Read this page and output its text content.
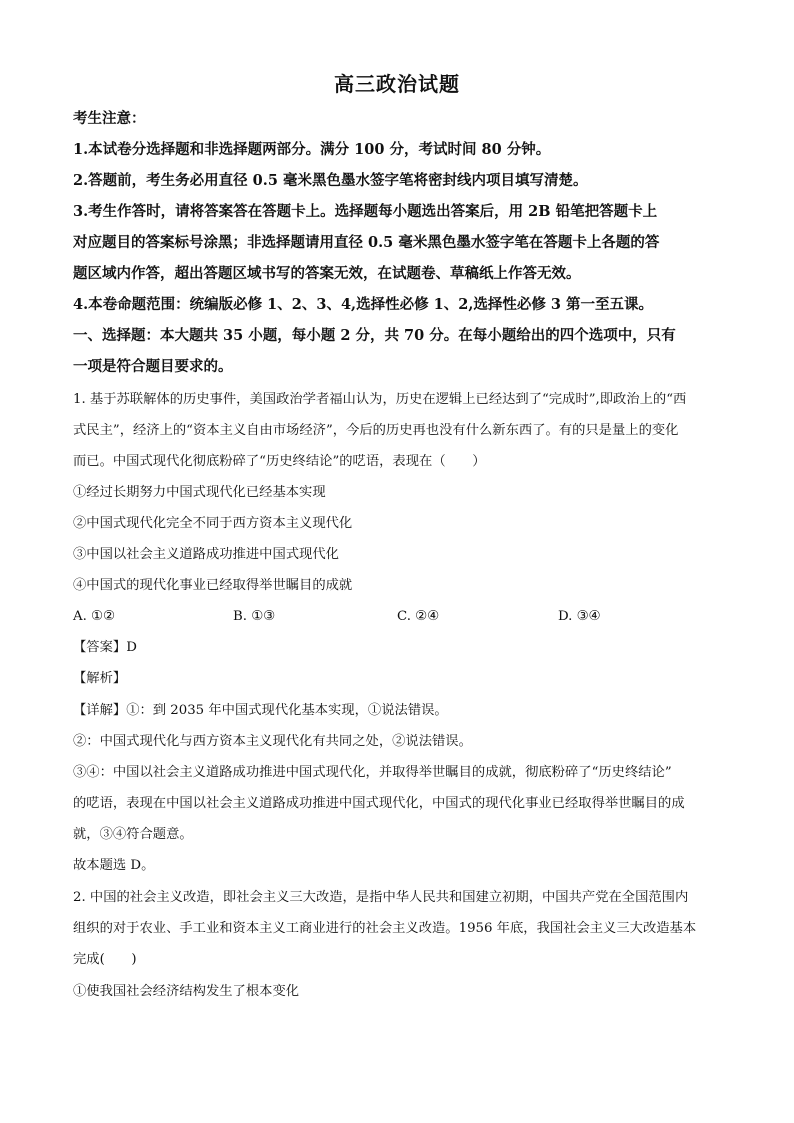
高三政治试题
考生注意：
1.本试卷分选择题和非选择题两部分。满分 100 分，考试时间 80 分钟。
2.答题前，考生务必用直径 0.5 毫米黑色墨水签字笔将密封线内项目填写清楚。
3.考生作答时，请将答案答在答题卡上。选择题每小题选出答案后，用 2B 铅笔把答题卡上
对应题目的答案标号涂黑；非选择题请用直径 0.5 毫米黑色墨水签字笔在答题卡上各题的答
题区域内作答，超出答题区域书写的答案无效，在试题卷、草稿纸上作答无效。
4.本卷命题范围：统编版必修 1、2、3、4,选择性必修 1、2,选择性必修 3 第一至五课。
一、选择题：本大题共 35 小题，每小题 2 分，共 70 分。在每小题给出的四个选项中，只有
一项是符合题目要求的。
1. 基于苏联解体的历史事件，美国政治学者福山认为，历史在逻辑上已经达到了“完成时”,即政治上的“西
式民主”，经济上的“资本主义自由市场经济”，今后的历史再也没有什么新东西了。有的只是量上的变化
而已。中国式现代化彻底粉碎了“历史终结论”的呓语，表现在（　　）
①经过长期努力中国式现代化已经基本实现
②中国式现代化完全不同于西方资本主义现代化
③中国以社会主义道路成功推进中国式现代化
④中国式的现代化事业已经取得举世瞩目的成就
A. ①②	B. ①③	C. ②④	D. ③④
【答案】D
【解析】
【详解】①：到 2035 年中国式现代化基本实现，①说法错误。
②：中国式现代化与西方资本主义现代化有共同之处，②说法错误。
③④：中国以社会主义道路成功推进中国式现代化，并取得举世瞩目的成就，彻底粉碎了“历史终结论”
的呓语，表现在中国以社会主义道路成功推进中国式现代化，中国式的现代化事业已经取得举世瞩目的成
就，③④符合题意。
故本题选 D。
2. 中国的社会主义改造，即社会主义三大改造，是指中华人民共和国建立初期，中国共产党在全国范围内
组织的对于农业、手工业和资本主义工商业进行的社会主义改造。1956 年底，我国社会主义三大改造基本
完成(　　)
①使我国社会经济结构发生了根本变化
